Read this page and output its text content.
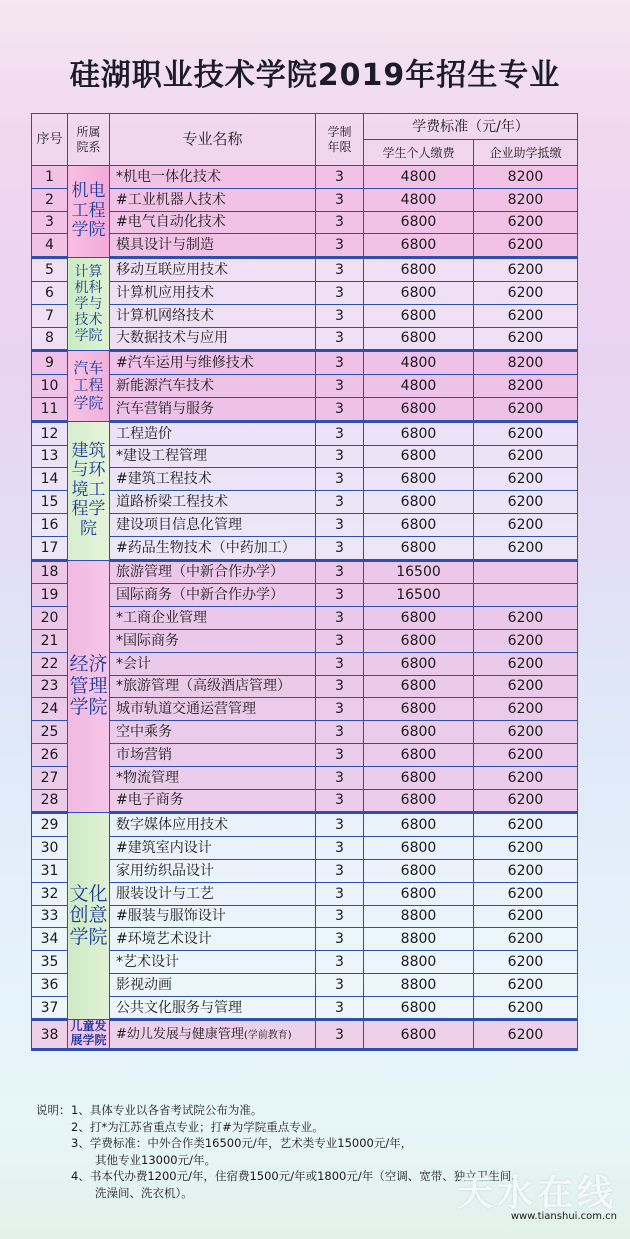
硅湖职业技术学院2019年招生专业
序号	所属院系	专业名称	学制年限	学费标准（元/年）	
				学生个人缴费	企业助学抵缴
1	机电工程学院	*机电一体化技术	3	4800	8200
2		#工业机器人技术	3	4800	8200
3		#电气自动化技术	3	6800	6200
4		模具设计与制造	3	6800	6200
5	计算机科学与技术学院	移动互联应用技术	3	6800	6200
6		计算机应用技术	3	6800	6200
7		计算机网络技术	3	6800	6200
8		大数据技术与应用	3	6800	6200
9	汽车工程学院	#汽车运用与维修技术	3	4800	8200
10		新能源汽车技术	3	4800	8200
11		汽车营销与服务	3	6800	6200
12	建筑与环境工程学院	工程造价	3	6800	6200
13		*建设工程管理	3	6800	6200
14		#建筑工程技术	3	6800	6200
15		道路桥梁工程技术	3	6800	6200
16		建设项目信息化管理	3	6800	6200
17		#药品生物技术（中药加工）	3	6800	6200
18	经济管理学院	旅游管理（中新合作办学）	3	16500	
19		国际商务（中新合作办学）	3	16500	
20		*工商企业管理	3	6800	6200
21		*国际商务	3	6800	6200
22		*会计	3	6800	6200
23		*旅游管理（高级酒店管理）	3	6800	6200
24		城市轨道交通运营管理	3	6800	6200
25		空中乘务	3	6800	6200
26		市场营销	3	6800	6200
27		*物流管理	3	6800	6200
28		#电子商务	3	6800	6200
29	文化创意学院	数字媒体应用技术	3	6800	6200
30		#建筑室内设计	3	6800	6200
31		家用纺织品设计	3	6800	6200
32		服装设计与工艺	3	6800	6200
33		#服装与服饰设计	3	8800	6200
34		#环境艺术设计	3	8800	6200
35		*艺术设计	3	8800	6200
36		影视动画	3	8800	6200
37		公共文化服务与管理	3	6800	6200
38	儿童发展学院	#幼儿发展与健康管理(学前教育)	3	6800	6200
说明： 1、具体专业以各省考试院公布为准。
2、打*为江苏省重点专业；打#为学院重点专业。
3、学费标准：中外合作类16500元/年，艺术类专业15000元/年，
其他专业13000元/年。
4、书本代办费1200元/年，住宿费1500元/年或1800元/年（空调、宽带、独立卫生间、
洗澡间、洗衣机）。	天水在线
www.tianshui.com.cn
